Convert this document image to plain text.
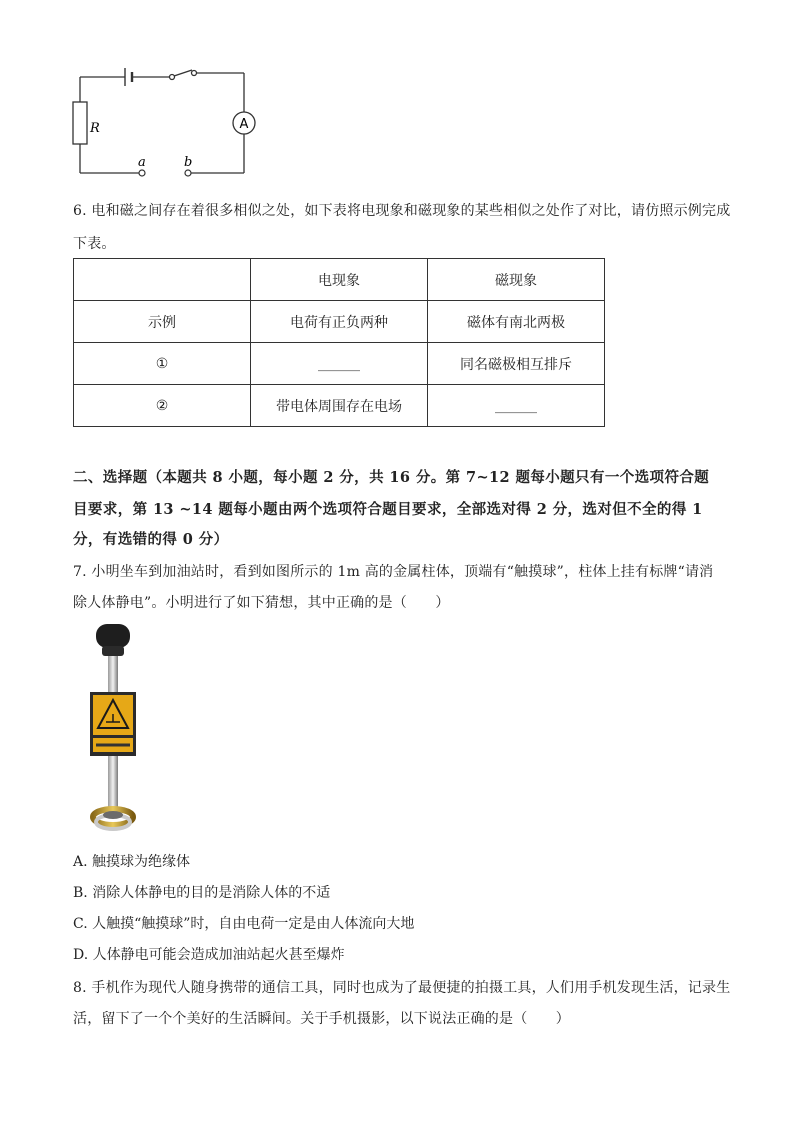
R	A
a	b
6. 电和磁之间存在着很多相似之处，如下表将电现象和磁现象的某些相似之处作了对比，请仿照示例完成
下表。
	电现象	磁现象
示例	电荷有正负两种	磁体有南北两极
①	______	同名磁极相互排斥
②	带电体周围存在电场	______
二、选择题（本题共 8 小题，每小题 2 分，共 16 分。第 7~12 题每小题只有一个选项符合题
目要求，第 13 ~14 题每小题由两个选项符合题目要求，全部选对得 2 分，选对但不全的得 1
分，有选错的得 0 分）
7. 小明坐车到加油站时，看到如图所示的 1m 高的金属柱体，顶端有“触摸球”，柱体上挂有标牌“请消
除人体静电”。小明进行了如下猜想，其中正确的是（　　）
A. 触摸球为绝缘体
B. 消除人体静电的目的是消除人体的不适
C. 人触摸“触摸球”时，自由电荷一定是由人体流向大地
D. 人体静电可能会造成加油站起火甚至爆炸
8. 手机作为现代人随身携带的通信工具，同时也成为了最便捷的拍摄工具，人们用手机发现生活，记录生
活，留下了一个个美好的生活瞬间。关于手机摄影，以下说法正确的是（　　）
